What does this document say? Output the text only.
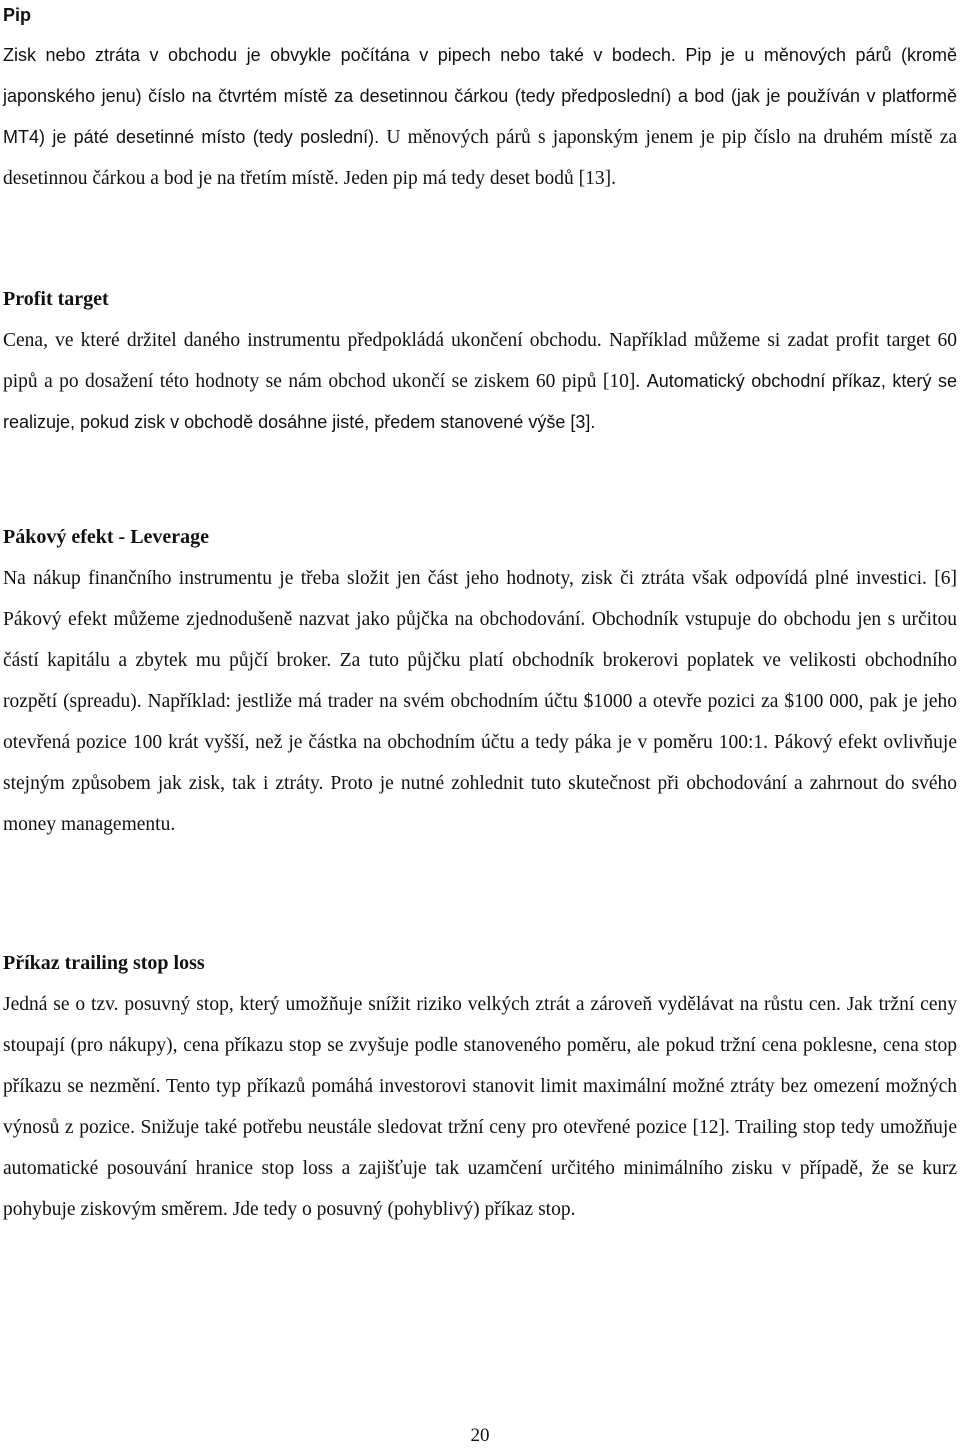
Pip

Zisk nebo ztráta v obchodu je obvykle počítána v pipech nebo také v bodech. Pip je u měnových párů (kromě japonského jenu) číslo na čtvrtém místě za desetinnou čárkou (tedy předposlední) a bod (jak je používán v platformě MT4) je páté desetinné místo (tedy poslední). U měnových párů s japonským jenem je pip číslo na druhém místě za desetinnou čárkou a bod je na třetím místě. Jeden pip má tedy deset bodů [13].

Profit target

Cena, ve které držitel daného instrumentu předpokládá ukončení obchodu. Například můžeme si zadat profit target 60 pipů a po dosažení této hodnoty se nám obchod ukončí se ziskem 60 pipů [10]. Automatický obchodní příkaz, který se realizuje, pokud zisk v obchodě dosáhne jisté, předem stanovené výše [3].

Pákový efekt - Leverage

Na nákup finančního instrumentu je třeba složit jen část jeho hodnoty, zisk či ztráta však odpovídá plné investici. [6] Pákový efekt můžeme zjednodušeně nazvat jako půjčka na obchodování. Obchodník vstupuje do obchodu jen s určitou částí kapitálu a zbytek mu půjčí broker. Za tuto půjčku platí obchodník brokerovi poplatek ve velikosti obchodního rozpětí (spreadu). Například: jestliže má trader na svém obchodním účtu $1000 a otevře pozici za $100 000, pak je jeho otevřená pozice 100 krát vyšší, než je částka na obchodním účtu a tedy páka je v poměru 100:1. Pákový efekt ovlivňuje stejným způsobem jak zisk, tak i ztráty. Proto je nutné zohlednit tuto skutečnost při obchodování a zahrnout do svého money managementu.

Příkaz trailing stop loss

Jedná se o tzv. posuvný stop, který umožňuje snížit riziko velkých ztrát a zároveň vydělávat na růstu cen. Jak tržní ceny stoupají (pro nákupy), cena příkazu stop se zvyšuje podle stanoveného poměru, ale pokud tržní cena poklesne, cena stop příkazu se nezmění. Tento typ příkazů pomáhá investorovi stanovit limit maximální možné ztráty bez omezení možných výnosů z pozice. Snižuje také potřebu neustále sledovat tržní ceny pro otevřené pozice [12]. Trailing stop tedy umožňuje automatické posouvání hranice stop loss a zajišťuje tak uzamčení určitého minimálního zisku v případě, že se kurz pohybuje ziskovým směrem. Jde tedy o posuvný (pohyblivý) příkaz stop.

20
